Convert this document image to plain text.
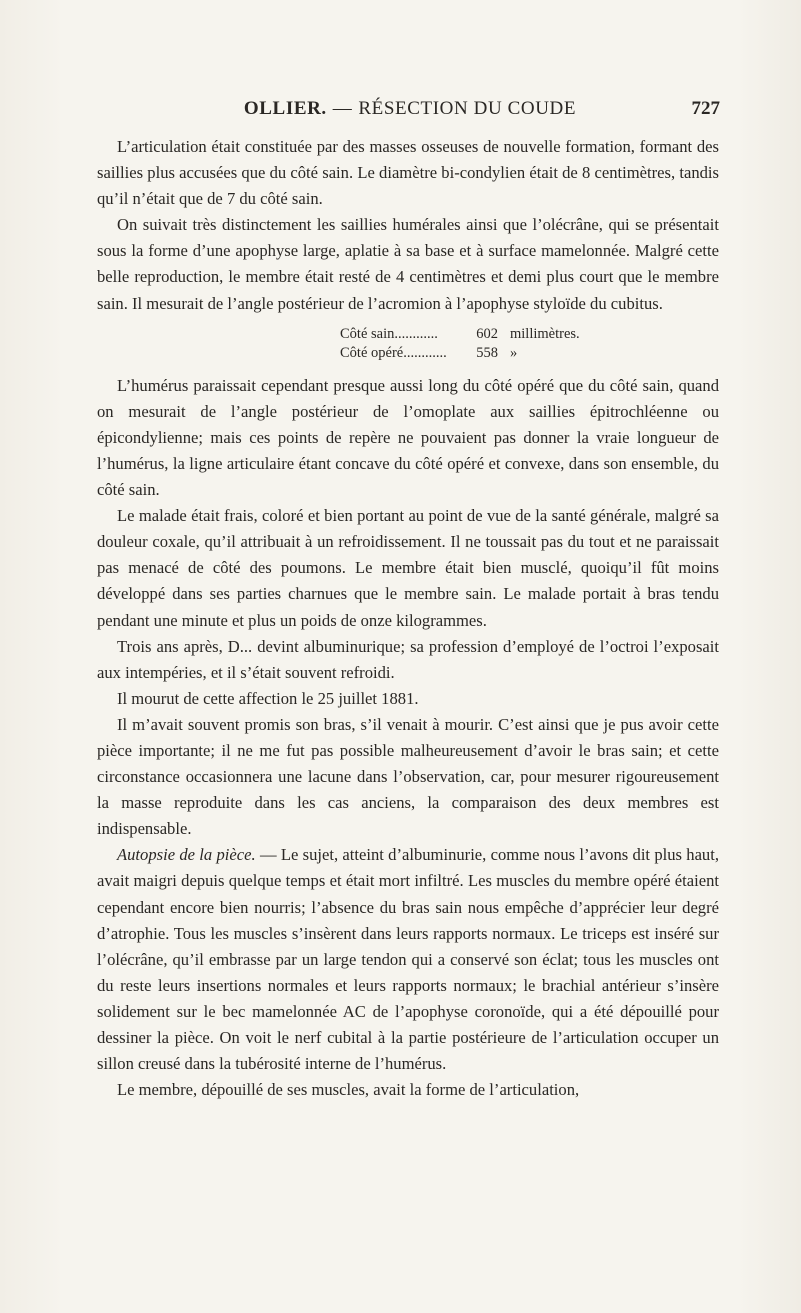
OLLIER. — RÉSECTION DU COUDE	727

L’articulation était constituée par des masses osseuses de nouvelle formation, formant des saillies plus accusées que du côté sain. Le diamètre bi-condylien était de 8 centimètres, tandis qu’il n’était que de 7 du côté sain.

On suivait très distinctement les saillies humérales ainsi que l’olécrâne, qui se présentait sous la forme d’une apophyse large, aplatie à sa base et à surface mamelonnée. Malgré cette belle reproduction, le membre était resté de 4 centimètres et demi plus court que le membre sain. Il mesurait de l’angle postérieur de l’acromion à l’apophyse styloïde du cubitus.

Côté sain............	602 millimètres.
Côté opéré............	558 »

L’humérus paraissait cependant presque aussi long du côté opéré que du côté sain, quand on mesurait de l’angle postérieur de l’omoplate aux saillies épitrochléenne ou épicondylienne; mais ces points de repère ne pouvaient pas donner la vraie longueur de l’humérus, la ligne articulaire étant concave du côté opéré et convexe, dans son ensemble, du côté sain.

Le malade était frais, coloré et bien portant au point de vue de la santé générale, malgré sa douleur coxale, qu’il attribuait à un refroidissement. Il ne toussait pas du tout et ne paraissait pas menacé de côté des poumons. Le membre était bien musclé, quoiqu’il fût moins développé dans ses parties charnues que le membre sain. Le malade portait à bras tendu pendant une minute et plus un poids de onze kilogrammes.

Trois ans après, D... devint albuminurique; sa profession d’employé de l’octroi l’exposait aux intempéries, et il s’était souvent refroidi.

Il mourut de cette affection le 25 juillet 1881.

Il m’avait souvent promis son bras, s’il venait à mourir. C’est ainsi que je pus avoir cette pièce importante; il ne me fut pas possible malheureusement d’avoir le bras sain; et cette circonstance occasionnera une lacune dans l’observation, car, pour mesurer rigoureusement la masse reproduite dans les cas anciens, la comparaison des deux membres est indispensable.

Autopsie de la pièce. — Le sujet, atteint d’albuminurie, comme nous l’avons dit plus haut, avait maigri depuis quelque temps et était mort infiltré. Les muscles du membre opéré étaient cependant encore bien nourris; l’absence du bras sain nous empêche d’apprécier leur degré d’atrophie. Tous les muscles s’insèrent dans leurs rapports normaux. Le triceps est inséré sur l’olécrâne, qu’il embrasse par un large tendon qui a conservé son éclat; tous les muscles ont du reste leurs insertions normales et leurs rapports normaux; le brachial antérieur s’insère solidement sur le bec mamelonnée AC de l’apophyse coronoïde, qui a été dépouillé pour dessiner la pièce. On voit le nerf cubital à la partie postérieure de l’articulation occuper un sillon creusé dans la tubérosité interne de l’humérus.

Le membre, dépouillé de ses muscles, avait la forme de l’articulation,
